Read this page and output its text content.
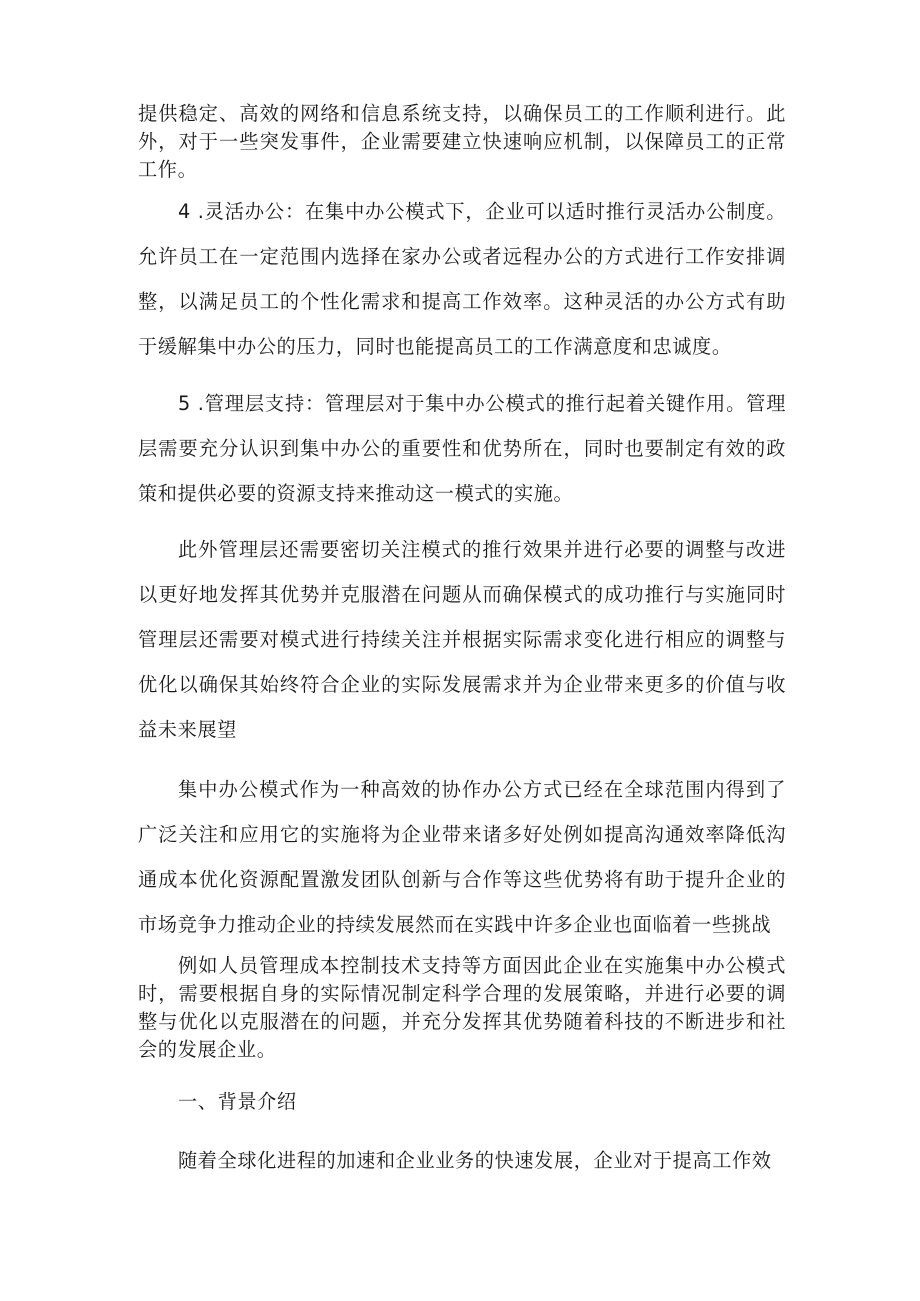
提供稳定、高效的网络和信息系统支持，以确保员工的工作顺利进行。此外，对于一些突发事件，企业需要建立快速响应机制，以保障员工的正常工作。

4 .灵活办公：在集中办公模式下，企业可以适时推行灵活办公制度。允许员工在一定范围内选择在家办公或者远程办公的方式进行工作安排调整，以满足员工的个性化需求和提高工作效率。这种灵活的办公方式有助于缓解集中办公的压力，同时也能提高员工的工作满意度和忠诚度。

5 .管理层支持：管理层对于集中办公模式的推行起着关键作用。管理层需要充分认识到集中办公的重要性和优势所在，同时也要制定有效的政策和提供必要的资源支持来推动这一模式的实施。

此外管理层还需要密切关注模式的推行效果并进行必要的调整与改进以更好地发挥其优势并克服潜在问题从而确保模式的成功推行与实施同时管理层还需要对模式进行持续关注并根据实际需求变化进行相应的调整与优化以确保其始终符合企业的实际发展需求并为企业带来更多的价值与收益未来展望

集中办公模式作为一种高效的协作办公方式已经在全球范围内得到了广泛关注和应用它的实施将为企业带来诸多好处例如提高沟通效率降低沟通成本优化资源配置激发团队创新与合作等这些优势将有助于提升企业的市场竞争力推动企业的持续发展然而在实践中许多企业也面临着一些挑战

例如人员管理成本控制技术支持等方面因此企业在实施集中办公模式时，需要根据自身的实际情况制定科学合理的发展策略，并进行必要的调整与优化以克服潜在的问题，并充分发挥其优势随着科技的不断进步和社会的发展企业。

一、背景介绍

随着全球化进程的加速和企业业务的快速发展，企业对于提高工作效
